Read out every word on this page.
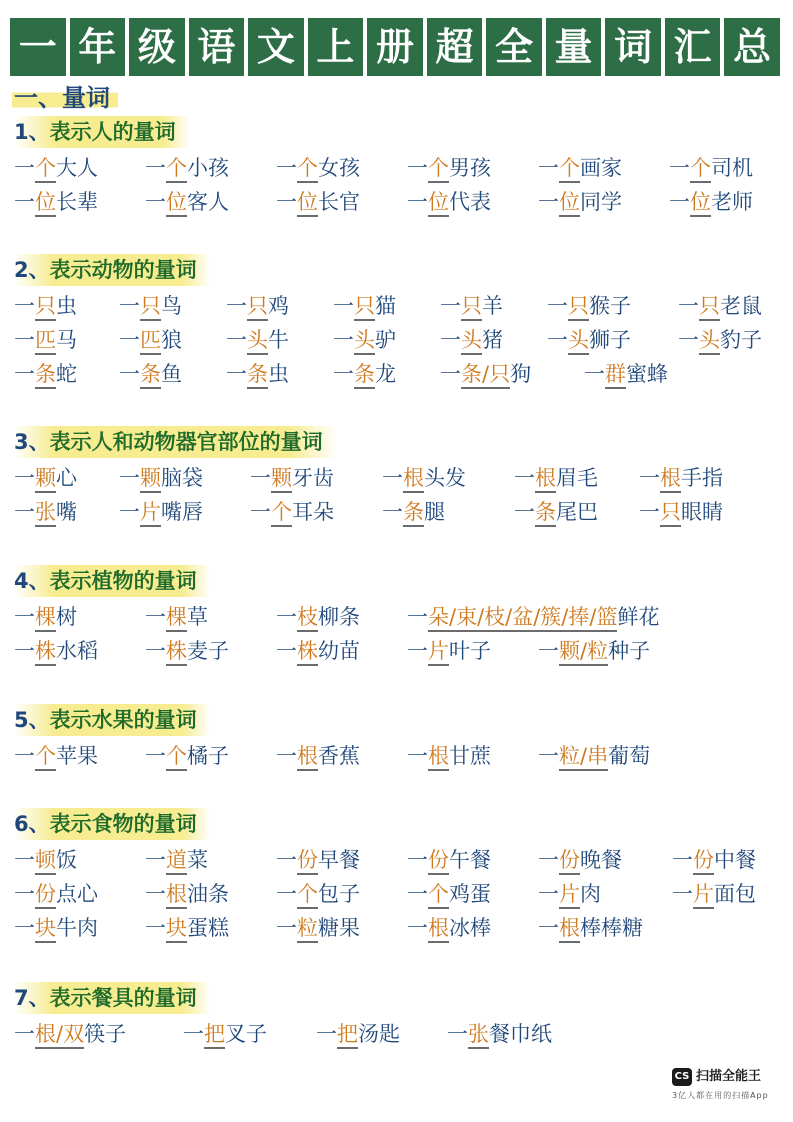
一 年 级 语 文 上 册 超 全 量 词 汇 总
一、量词
1、表示人的量词
一个大人 一个小孩 一个女孩 一个男孩 一个画家 一个司机
一位长辈 一位客人 一位长官 一位代表 一位同学 一位老师
2、表示动物的量词
一只虫 一只鸟 一只鸡 一只猫 一只羊 一只猴子 一只老鼠
一匹马 一匹狼 一头牛 一头驴 一头猪 一头狮子 一头豹子
一条蛇 一条鱼 一条虫 一条龙 一条/只狗	一群蜜蜂
3、表示人和动物器官部位的量词
一颗心 一颗脑袋 一颗牙齿 一根头发 一根眉毛 一根手指
一张嘴 一片嘴唇 一个耳朵 一条腿	一条尾巴 一只眼睛
4、表示植物的量词
一棵树	一棵草	一枝柳条 一朵/束/枝/盆/簇/捧/篮鲜花
一株水稻 一株麦子 一株幼苗 一片叶子 一颗/粒种子
5、表示水果的量词
一个苹果 一个橘子 一根香蕉 一根甘蔗 一粒/串葡萄
6、表示食物的量词
一顿饭	一道菜	一份早餐 一份午餐 一份晚餐 一份中餐
一份点心 一根油条 一个包子 一个鸡蛋 一片肉	一片面包
一块牛肉 一块蛋糕 一粒糖果 一根冰棒 一根棒棒糖
7、表示餐具的量词
一根/双筷子	一把叉子 一把汤匙 一张餐巾纸
CS 扫描全能王
3亿人都在用的扫描App
